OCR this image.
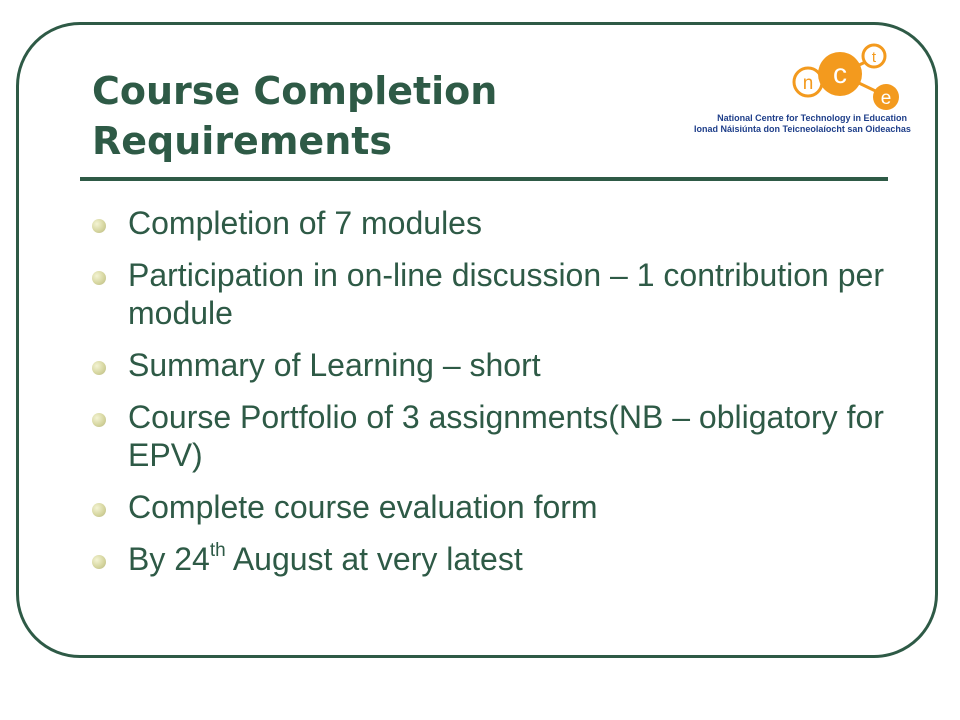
Course Completion
Requirements
n c
t
e
National Centre for Technology in Education
Ionad Náisiúnta don Teicneolaíocht san Oideachas
Completion of 7 modules
Participation in on-line discussion – 1 contribution per module
Summary of Learning – short
Course Portfolio of 3 assignments(NB – obligatory for EPV)
Complete course evaluation form
By 24th August at very latest
